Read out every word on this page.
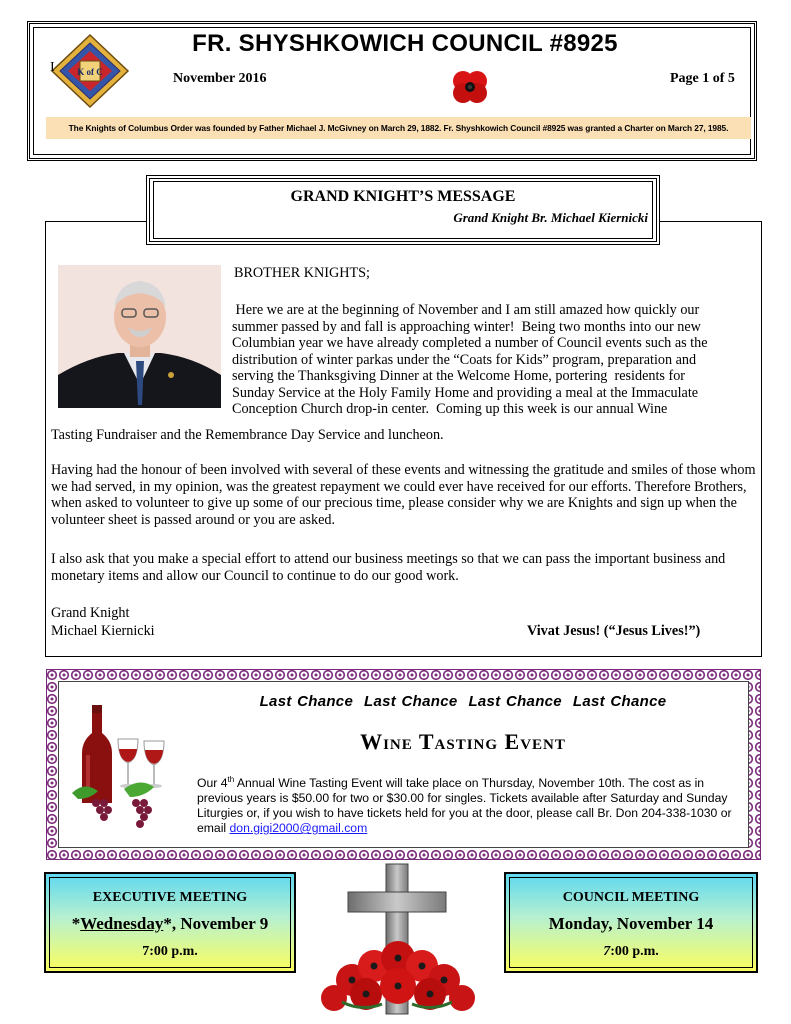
K of C
I
FR. SHYSHKOWICH COUNCIL #8925
November 2016	Page 1 of 5
The Knights of Columbus Order was founded by Father Michael J. McGivney on March 29, 1882. Fr. Shyshkowich Council #8925 was granted a Charter on March 27, 1985.
GRAND KNIGHT’S MESSAGE
Grand Knight Br. Michael Kiernicki
BROTHER KNIGHTS;
Here we are at the beginning of November and I am still amazed how quickly our
summer passed by and fall is approaching winter!  Being two months into our new
Columbian year we have already completed a number of Council events such as the
distribution of winter parkas under the “Coats for Kids” program, preparation and
serving the Thanksgiving Dinner at the Welcome Home, portering  residents for
Sunday Service at the Holy Family Home and providing a meal at the Immaculate
Conception Church drop-in center.  Coming up this week is our annual Wine
Tasting Fundraiser and the Remembrance Day Service and luncheon.
Having had the honour of been involved with several of these events and witnessing the gratitude and smiles of those whom we had served, in my opinion, was the greatest repayment we could ever have received for our efforts. Therefore Brothers, when asked to volunteer to give up some of our precious time, please consider why we are Knights and sign up when the volunteer sheet is passed around or you are asked.
I also ask that you make a special effort to attend our business meetings so that we can pass the important business and monetary items and allow our Council to continue to do our good work.
Grand Knight
Michael Kiernicki	Vivat Jesus! (“Jesus Lives!”)
Last Chance  Last Chance  Last Chance  Last Chance
Wine Tasting Event
Our 4th Annual Wine Tasting Event will take place on Thursday, November 10th. The cost as in previous years is $50.00 for two or $30.00 for singles. Tickets available after Saturday and Sunday Liturgies or, if you wish to have tickets held for you at the door, please call Br. Don 204-338-1030 or email don.gigi2000@gmail.com
EXECUTIVE MEETING
*Wednesday*, November 9
7:00 p.m.
COUNCIL MEETING
Monday, November 14
7:00 p.m.
